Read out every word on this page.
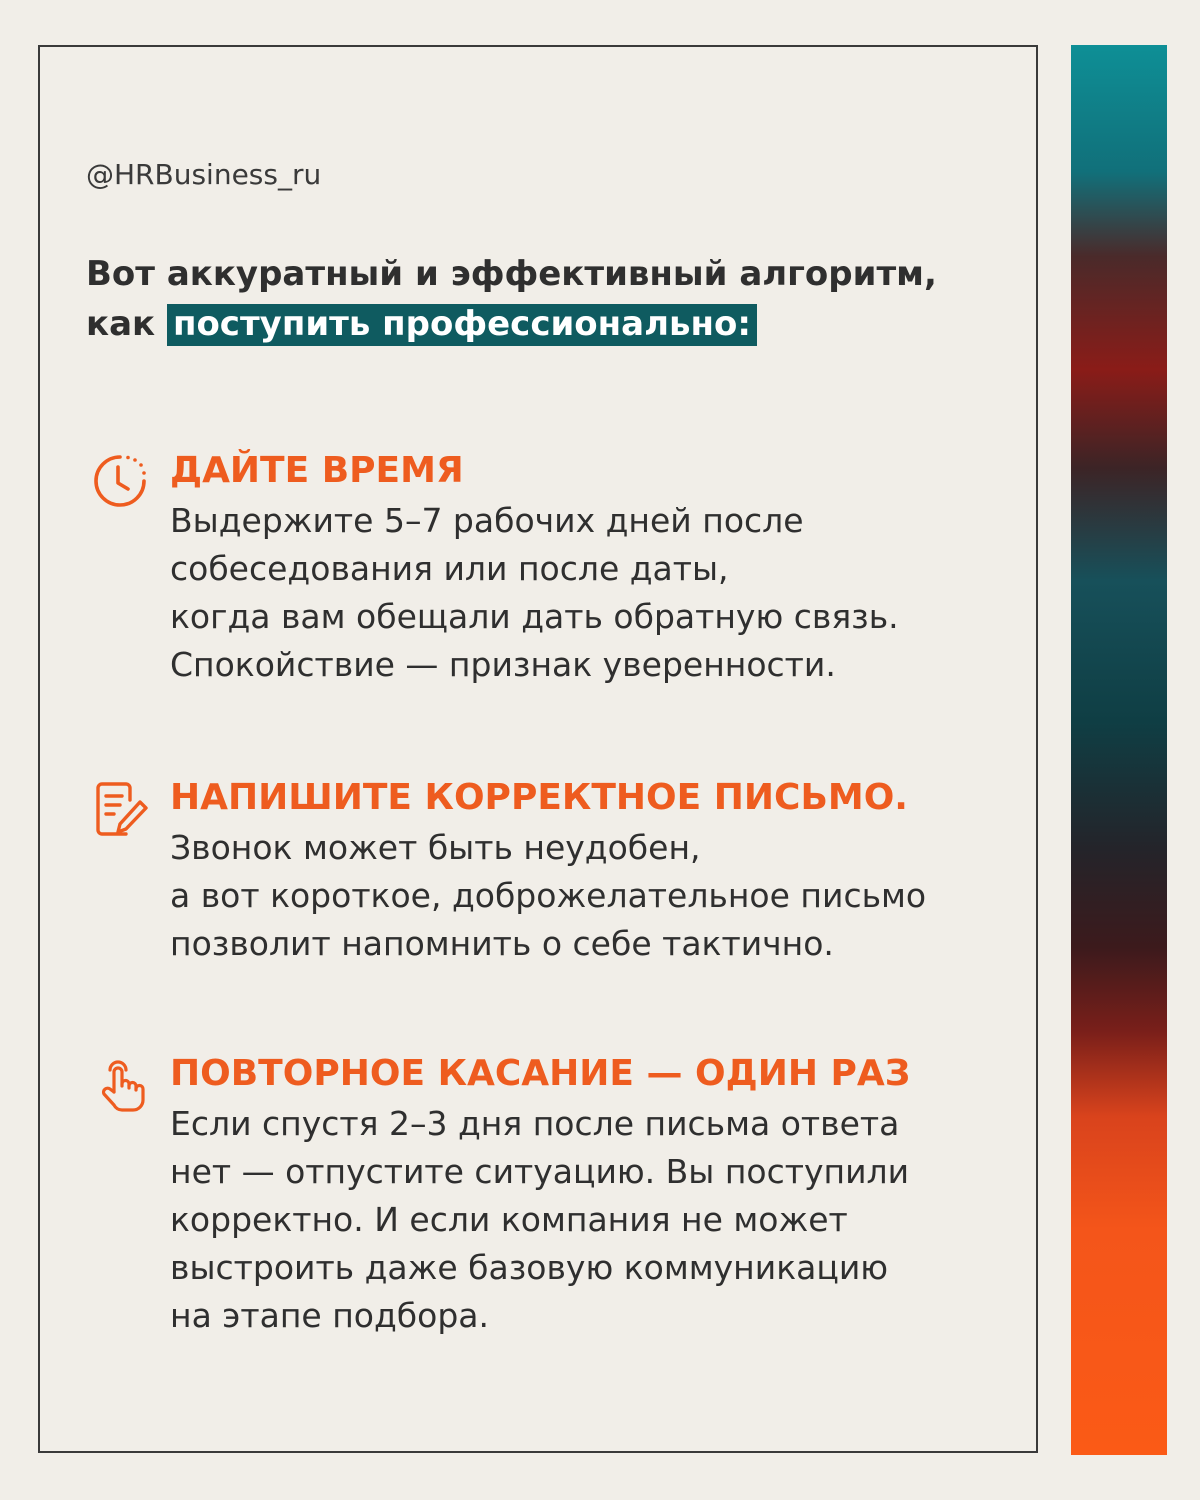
@HRBusiness_ru

Вот аккуратный и эффективный алгоритм,
как поступить профессионально:

ДАЙТЕ ВРЕМЯ

Выдержите 5–7 рабочих дней после
собеседования или после даты,
когда вам обещали дать обратную связь.
Спокойствие — признак уверенности.

НАПИШИТЕ КОРРЕКТНОЕ ПИСЬМО.

Звонок может быть неудобен,
а вот короткое, доброжелательное письмо
позволит напомнить о себе тактично.

ПОВТОРНОЕ КАСАНИЕ — ОДИН РАЗ

Если спустя 2–3 дня после письма ответа
нет — отпустите ситуацию. Вы поступили
корректно. И если компания не может
выстроить даже базовую коммуникацию
на этапе подбора.
